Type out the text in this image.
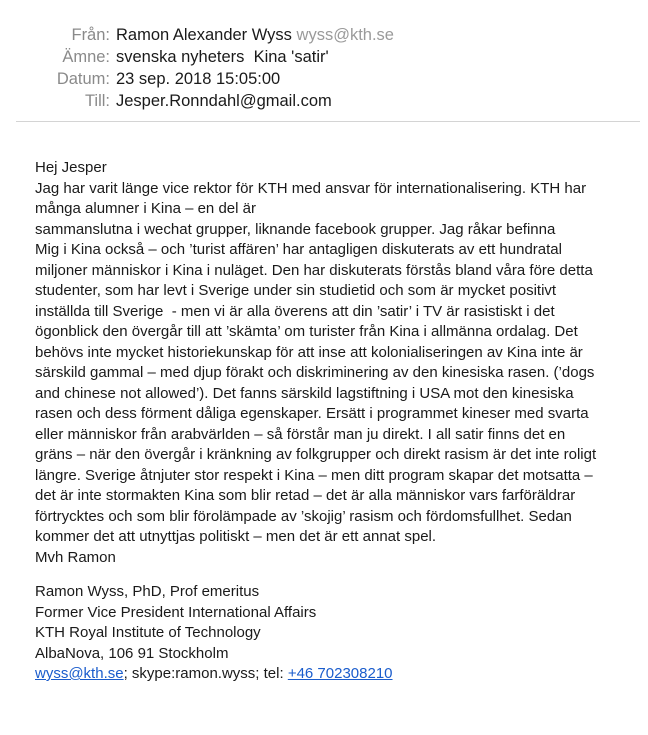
Från: Ramon Alexander Wyss wyss@kth.se
Ämne: svenska nyheters  Kina 'satir'
Datum: 23 sep. 2018 15:05:00
Till: Jesper.Ronndahl@gmail.com
Hej Jesper
Jag har varit länge vice rektor för KTH med ansvar för internationalisering. KTH har
många alumner i Kina – en del är
sammanslutna i wechat grupper, liknande facebook grupper. Jag råkar befinna
Mig i Kina också – och ’turist affären’ har antagligen diskuterats av ett hundratal
miljoner människor i Kina i nuläget. Den har diskuterats förstås bland våra före detta
studenter, som har levt i Sverige under sin studietid och som är mycket positivt
inställda till Sverige  - men vi är alla överens att din ’satir’ i TV är rasistiskt i det
ögonblick den övergår till att ’skämta’ om turister från Kina i allmänna ordalag. Det
behövs inte mycket historiekunskap för att inse att kolonialiseringen av Kina inte är
särskild gammal – med djup förakt och diskriminering av den kinesiska rasen. (’dogs
and chinese not allowed’). Det fanns särskild lagstiftning i USA mot den kinesiska
rasen och dess förment dåliga egenskaper. Ersätt i programmet kineser med svarta
eller människor från arabvärlden – så förstår man ju direkt. I all satir finns det en
gräns – när den övergår i kränkning av folkgrupper och direkt rasism är det inte roligt
längre. Sverige åtnjuter stor respekt i Kina – men ditt program skapar det motsatta –
det är inte stormakten Kina som blir retad – det är alla människor vars farföräldrar
förtrycktes och som blir förolämpade av ’skojig’ rasism och fördomsfullhet. Sedan
kommer det att utnyttjas politiskt – men det är ett annat spel.
Mvh Ramon
Ramon Wyss, PhD, Prof emeritus
Former Vice President International Affairs
KTH Royal Institute of Technology
AlbaNova, 106 91 Stockholm
wyss@kth.se; skype:ramon.wyss; tel: +46 702308210
